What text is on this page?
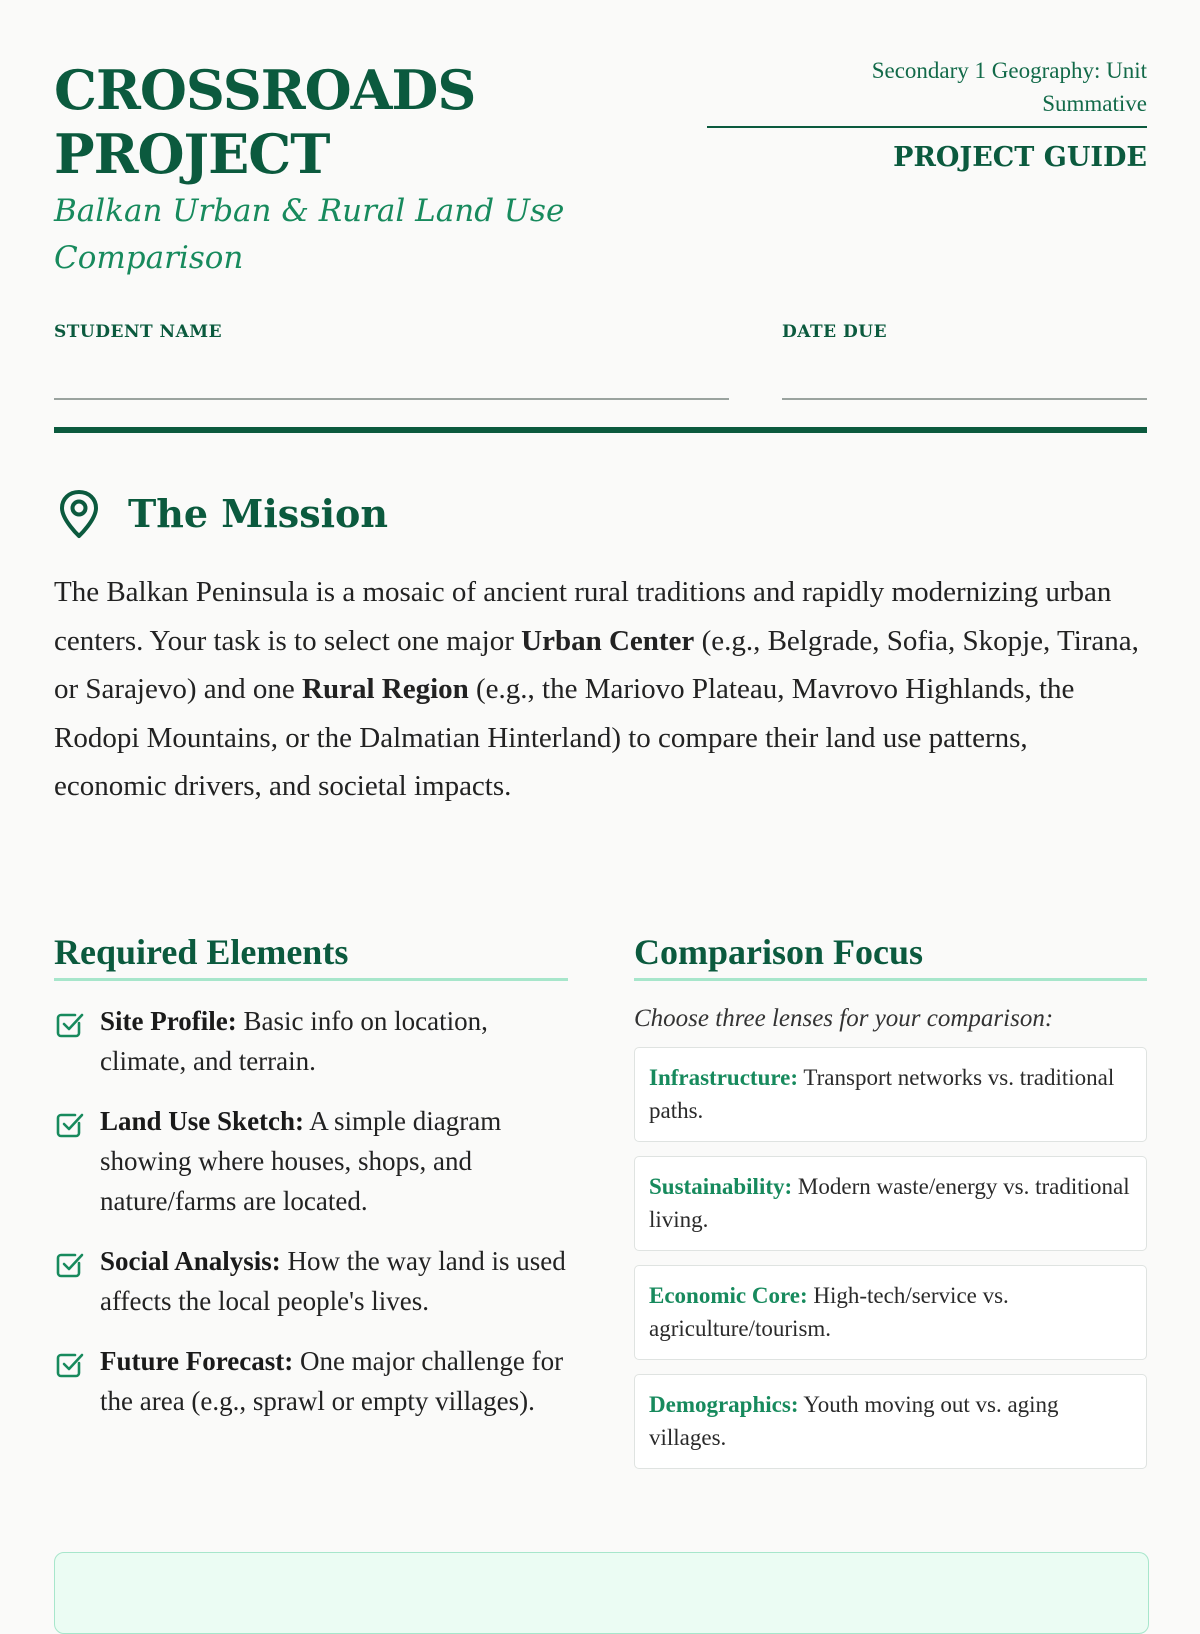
CROSSROADS
PROJECT

Balkan Urban & Rural Land Use
Comparison

Secondary 1 Geography: Unit
Summative
PROJECT GUIDE
STUDENT NAME	DATE DUE
The Mission

The Balkan Peninsula is a mosaic of ancient rural traditions and rapidly modernizing urban centers. Your task is to select one major Urban Center (e.g., Belgrade, Sofia, Skopje, Tirana, or Sarajevo) and one Rural Region (e.g., the Mariovo Plateau, Mavrovo Highlands, the Rodopi Mountains, or the Dalmatian Hinterland) to compare their land use patterns, economic drivers, and societal impacts.

Required Elements
Site Profile: Basic info on location, climate, and terrain.
Land Use Sketch: A simple diagram showing where houses, shops, and nature/farms are located.
Social Analysis: How the way land is used affects the local people's lives.
Future Forecast: One major challenge for the area (e.g., sprawl or empty villages).
Comparison Focus
Choose three lenses for your comparison:
Infrastructure: Transport networks vs. traditional paths.
Sustainability: Modern waste/energy vs. traditional living.
Economic Core: High-tech/service vs. agriculture/tourism.
Demographics: Youth moving out vs. aging villages.
